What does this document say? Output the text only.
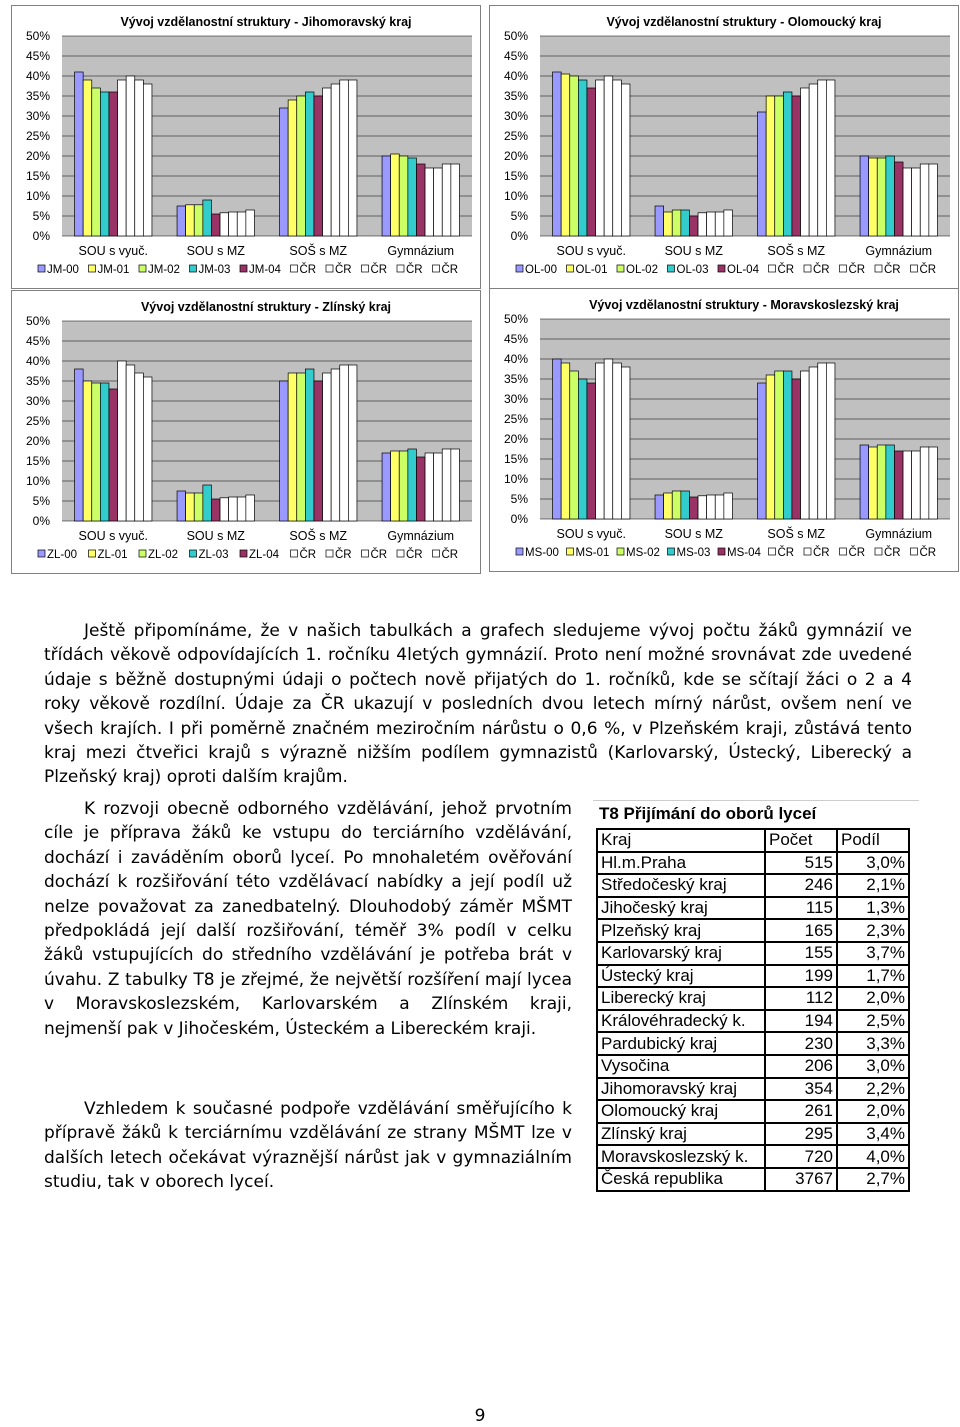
Vývoj vzdělanostní struktury - Jihomoravský kraj
50%
45%
40%
35%
30%
25%
20%
15%
10%
5%
0%
SOU s vyuč.	SOU s MZ	SOŠ s MZ	Gymnázium
JM-00 JM-01 JM-02 JM-03 JM-04 ČR ČR ČR ČR ČR
Vývoj vzdělanostní struktury - Olomoucký kraj
50%
45%
40%
35%
30%
25%
20%
15%
10%
5%
0%
SOU s vyuč.	SOU s MZ	SOŠ s MZ	Gymnázium
OL-00 OL-01 OL-02 OL-03 OL-04 ČR ČR ČR ČR ČR
Vývoj vzdělanostní struktury - Zlínský kraj
50%
45%
40%
35%
30%
25%
20%
15%
10%
5%
0%
SOU s vyuč.	SOU s MZ	SOŠ s MZ	Gymnázium
ZL-00 ZL-01 ZL-02 ZL-03 ZL-04 ČR ČR ČR ČR ČR
Vývoj vzdělanostní struktury - Moravskoslezský kraj
50%
45%
40%
35%
30%
25%
20%
15%
10%
5%
0%
SOU s vyuč.	SOU s MZ	SOŠ s MZ	Gymnázium
MS-00 MS-01 MS-02 MS-03 MS-04 ČR ČR ČR ČR ČR

Ještě připomínáme, že v našich tabulkách a grafech sledujeme vývoj počtu žáků gymnázií ve třídách věkově odpovídajících 1. ročníku 4letých gymnázií. Proto není možné srovnávat zde uvedené údaje s běžně dostupnými údaji o počtech nově přijatých do 1. ročníků, kde se sčítají žáci o 2 a 4 roky věkově rozdílní. Údaje za ČR ukazují v posledních dvou letech mírný nárůst, ovšem není ve všech krajích. I při poměrně značném meziročním nárůstu o 0,6 %, v Plzeňském kraji, zůstává tento kraj mezi čtveřici krajů s výrazně nižším podílem gymnazistů (Karlovarský, Ústecký, Liberecký a Plzeňský kraj) oproti dalším krajům.

K rozvoji obecně odborného vzdělávání, jehož prvotním cíle je příprava žáků ke vstupu do terciárního vzdělávání, dochází i zaváděním oborů lyceí. Po mnohaletém ověřování dochází k rozšiřování této vzdělávací nabídky a její podíl už nelze považovat za zanedbatelný. Dlouhodobý záměr MŠMT předpokládá její další rozšiřování, téměř 3% podíl v celku žáků vstupujících do středního vzdělávání je potřeba brát v úvahu. Z tabulky T8 je zřejmé, že největší rozšíření mají lycea v Moravskoslezském, Karlovarském a Zlínském kraji, nejmenší pak v Jihočeském, Ústeckém a Libereckém kraji.

Vzhledem k současné podpoře vzdělávání směřujícího k přípravě žáků k terciárnímu vzdělávání ze strany MŠMT lze v dalších letech očekávat výraznější nárůst jak v gymnaziálním studiu, tak v oborech lyceí.

T8 Přijímání do oborů lyceí
Kraj	Počet	Podíl
Hl.m.Praha	515	3,0%
Středočeský kraj	246	2,1%
Jihočeský kraj	115	1,3%
Plzeňský kraj	165	2,3%
Karlovarský kraj	155	3,7%
Ústecký kraj	199	1,7%
Liberecký kraj	112	2,0%
Královéhradecký k.	194	2,5%
Pardubický kraj	230	3,3%
Vysočina	206	3,0%
Jihomoravský kraj	354	2,2%
Olomoucký kraj	261	2,0%
Zlínský kraj	295	3,4%
Moravskoslezský k.	720	4,0%
Česká republika	3767	2,7%
9
